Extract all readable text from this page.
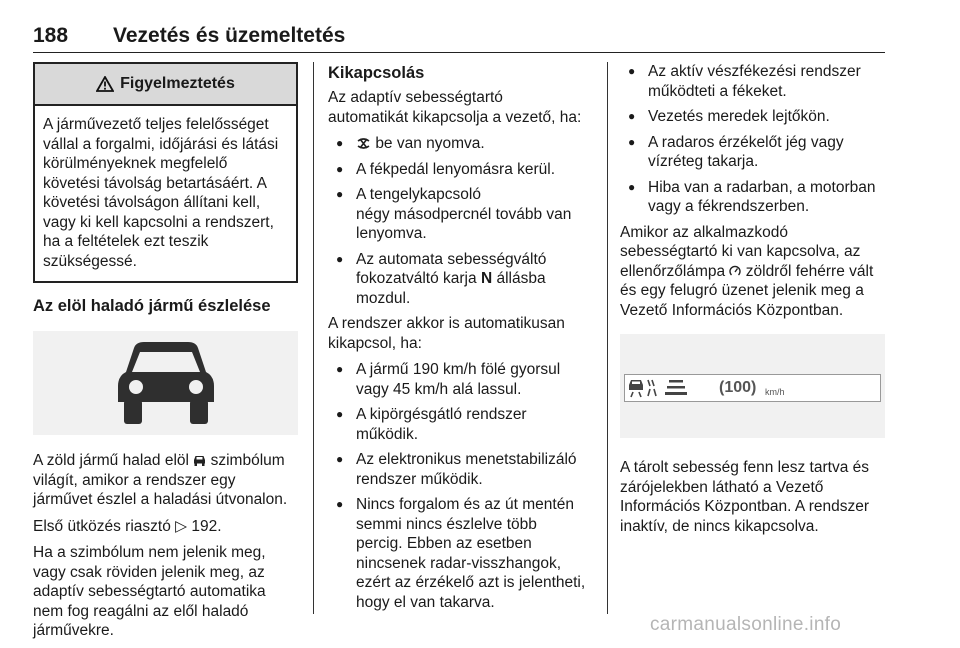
188 Vezetés és üzemeltetés
Figyelmeztetés
A járművezető teljes felelősséget
vállal a forgalmi, időjárási és látási
körülményeknek megfelelő
követési távolság betartásáért. A
követési távolságon állítani kell,
vagy ki kell kapcsolni a rendszert,
ha a feltételek ezt teszik
szükségessé.
Az elöl haladó jármű észlelése

A zöld jármű halad elöl szimbólum
világít, amikor a rendszer egy
járművet észlel a haladási útvonalon.

Első ütközés riasztó ▷ 192.

Ha a szimbólum nem jelenik meg,
vagy csak röviden jelenik meg, az
adaptív sebességtartó automatika
nem fog reagálni az elől haladó
járművekre.

Kikapcsolás

Az adaptív sebességtartó
automatikát kikapcsolja a vezető, ha:

● be van nyomva.
● A fékpedál lenyomásra kerül.
● A tengelykapcsoló
négy másodpercnél tovább van
lenyomva.
● Az automata sebességváltó
fokozatváltó karja N állásba
mozdul.

A rendszer akkor is automatikusan
kikapcsol, ha:

● A jármű 190 km/h fölé gyorsul
vagy 45 km/h alá lassul.
● A kipörgésgátló rendszer
működik.
● Az elektronikus menetstabilizáló
rendszer működik.
● Nincs forgalom és az út mentén
semmi nincs észlelve több
percig. Ebben az esetben
nincsenek radar-visszhangok,
ezért az érzékelő azt is jelentheti,
hogy el van takarva.
● Az aktív vészfékezési rendszer
működteti a fékeket.
● Vezetés meredek lejtőkön.
● A radaros érzékelőt jég vagy
vízréteg takarja.
● Hiba van a radarban, a motorban
vagy a fékrendszerben.

Amikor az alkalmazkodó
sebességtartó ki van kapcsolva, az
ellenőrzőlámpa zöldről fehérre vált
és egy felugró üzenet jelenik meg a
Vezető Információs Központban.

(100) km/h

A tárolt sebesség fenn lesz tartva és
zárójelekben látható a Vezető
Információs Központban. A rendszer
inaktív, de nincs kikapcsolva.

carmanualsonline.info
